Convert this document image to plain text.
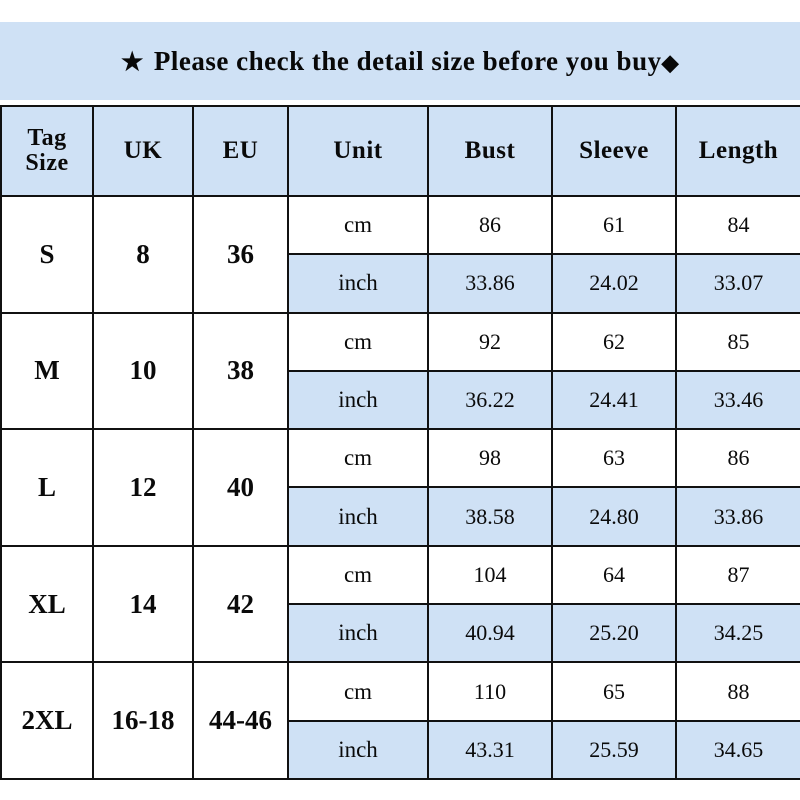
★ Please check the detail size before you buy◆
Tag
Size	UK	EU	Unit	Bust	Sleeve	Length
S	8	36	cm	86	61	84
			inch	33.86	24.02	33.07
M	10	38	cm	92	62	85
			inch	36.22	24.41	33.46
L	12	40	cm	98	63	86
			inch	38.58	24.80	33.86
XL	14	42	cm	104	64	87
			inch	40.94	25.20	34.25
2XL	16-18	44-46	cm	110	65	88
			inch	43.31	25.59	34.65
